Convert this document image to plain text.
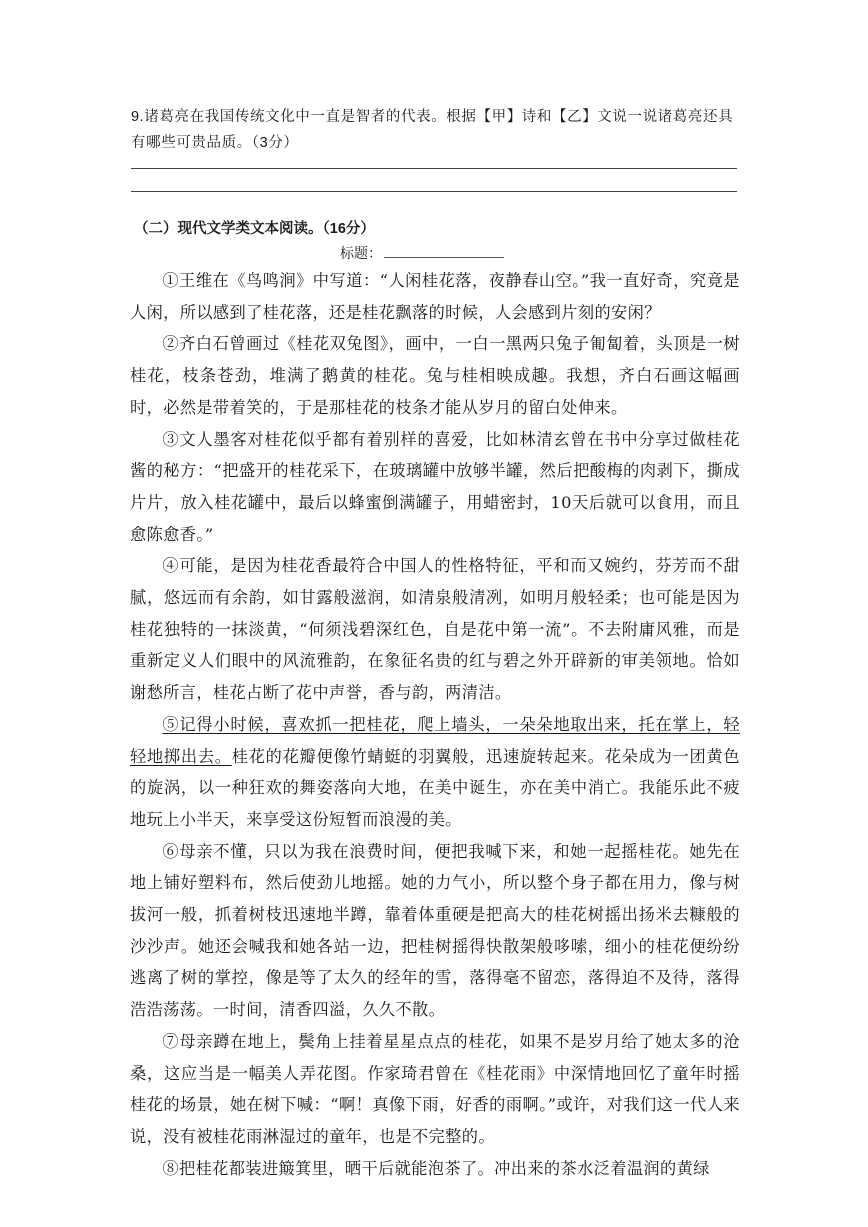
9.诸葛亮在我国传统文化中一直是智者的代表。根据【甲】诗和【乙】文说一说诸葛亮还具有哪些可贵品质。（3分）
（二）现代文学类文本阅读。（16分）
标题：

①王维在《鸟鸣涧》中写道：“人闲桂花落，夜静春山空。”我一直好奇，究竟是人闲，所以感到了桂花落，还是桂花飘落的时候，人会感到片刻的安闲？

②齐白石曾画过《桂花双兔图》，画中，一白一黑两只兔子匍匐着，头顶是一树桂花，枝条苍劲，堆满了鹅黄的桂花。兔与桂相映成趣。我想，齐白石画这幅画时，必然是带着笑的，于是那桂花的枝条才能从岁月的留白处伸来。

③文人墨客对桂花似乎都有着别样的喜爱，比如林清玄曾在书中分享过做桂花酱的秘方：“把盛开的桂花采下，在玻璃罐中放够半罐，然后把酸梅的肉剥下，撕成片片，放入桂花罐中，最后以蜂蜜倒满罐子，用蜡密封，10天后就可以食用，而且愈陈愈香。”

④可能，是因为桂花香最符合中国人的性格特征，平和而又婉约，芬芳而不甜腻，悠远而有余韵，如甘露般滋润，如清泉般清冽，如明月般轻柔；也可能是因为桂花独特的一抹淡黄，“何须浅碧深红色，自是花中第一流”。不去附庸风雅，而是重新定义人们眼中的风流雅韵，在象征名贵的红与碧之外开辟新的审美领地。恰如谢愁所言，桂花占断了花中声誉，香与韵，两清洁。

⑤记得小时候，喜欢抓一把桂花，爬上墙头，一朵朵地取出来，托在掌上，轻轻地掷出去。桂花的花瓣便像竹蜻蜓的羽翼般，迅速旋转起来。花朵成为一团黄色的旋涡，以一种狂欢的舞姿落向大地，在美中诞生，亦在美中消亡。我能乐此不疲地玩上小半天，来享受这份短暂而浪漫的美。

⑥母亲不懂，只以为我在浪费时间，便把我喊下来，和她一起摇桂花。她先在地上铺好塑料布，然后使劲儿地摇。她的力气小，所以整个身子都在用力，像与树拔河一般，抓着树枝迅速地半蹲，靠着体重硬是把高大的桂花树摇出扬米去糠般的沙沙声。她还会喊我和她各站一边，把桂树摇得快散架般哆嗦，细小的桂花便纷纷逃离了树的掌控，像是等了太久的经年的雪，落得毫不留恋，落得迫不及待，落得浩浩荡荡。一时间，清香四溢，久久不散。

⑦母亲蹲在地上，鬓角上挂着星星点点的桂花，如果不是岁月给了她太多的沧桑，这应当是一幅美人弄花图。作家琦君曾在《桂花雨》中深情地回忆了童年时摇桂花的场景，她在树下喊：“啊！真像下雨，好香的雨啊。”或许，对我们这一代人来说，没有被桂花雨淋湿过的童年，也是不完整的。

⑧把桂花都装进簸箕里，晒干后就能泡茶了。冲出来的茶水泛着温润的黄绿
